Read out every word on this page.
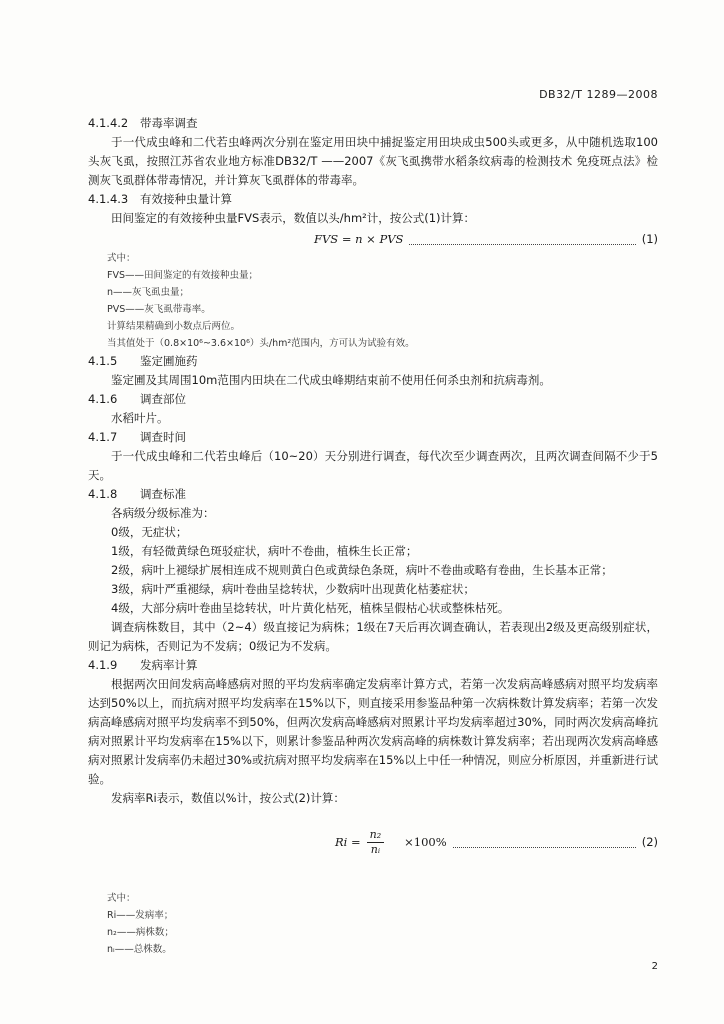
DB32/T 1289—2008

4.1.4.2 带毒率调查

于一代成虫峰和二代若虫峰两次分别在鉴定用田块中捕捉鉴定用田块成虫500头或更多，从中随机选取100头灰飞虱，按照江苏省农业地方标准DB32/T ——2007《灰飞虱携带水稻条纹病毒的检测技术 免疫斑点法》检测灰飞虱群体带毒情况，并计算灰飞虱群体的带毒率。

4.1.4.3 有效接种虫量计算

田间鉴定的有效接种虫量FVS表示，数值以头/hm²计，按公式(1)计算：

FVS = n × PVS	(1)

式中：

FVS——田间鉴定的有效接种虫量；

n——灰飞虱虫量；

PVS——灰飞虱带毒率。

计算结果精确到小数点后两位。

当其值处于（0.8×10⁶~3.6×10⁶）头/hm²范围内，方可认为试验有效。

4.1.5 鉴定圃施药

鉴定圃及其周围10m范围内田块在二代成虫峰期结束前不使用任何杀虫剂和抗病毒剂。

4.1.6 调查部位

水稻叶片。

4.1.7 调查时间

于一代成虫峰和二代若虫峰后（10~20）天分别进行调查，每代次至少调查两次，且两次调查间隔不少于5天。

4.1.8 调查标准

各病级分级标准为：

0级，无症状；

1级，有轻微黄绿色斑驳症状，病叶不卷曲，植株生长正常；

2级，病叶上褪绿扩展相连成不规则黄白色或黄绿色条斑，病叶不卷曲或略有卷曲，生长基本正常；

3级，病叶严重褪绿，病叶卷曲呈捻转状，少数病叶出现黄化枯萎症状；

4级，大部分病叶卷曲呈捻转状，叶片黄化枯死，植株呈假枯心状或整株枯死。

调查病株数目，其中（2~4）级直接记为病株；1级在7天后再次调查确认，若表现出2级及更高级别症状，则记为病株，否则记为不发病；0级记为不发病。

4.1.9 发病率计算

根据两次田间发病高峰感病对照的平均发病率确定发病率计算方式，若第一次发病高峰感病对照平均发病率达到50%以上，而抗病对照平均发病率在15%以下，则直接采用参鉴品种第一次病株数计算发病率；若第一次发病高峰感病对照平均发病率不到50%，但两次发病高峰感病对照累计平均发病率超过30%，同时两次发病高峰抗病对照累计平均发病率在15%以下，则累计参鉴品种两次发病高峰的病株数计算发病率；若出现两次发病高峰感病对照累计发病率仍未超过30%或抗病对照平均发病率在15%以上中任一种情况，则应分析原因，并重新进行试验。

发病率Ri表示，数值以%计，按公式(2)计算：

$Ri = \frac{\text{n₂}}{\text{nᵢ}} \times 100\%$	(2)

式中：

Ri——发病率；

n₂——病株数；

nᵢ——总株数。

2
